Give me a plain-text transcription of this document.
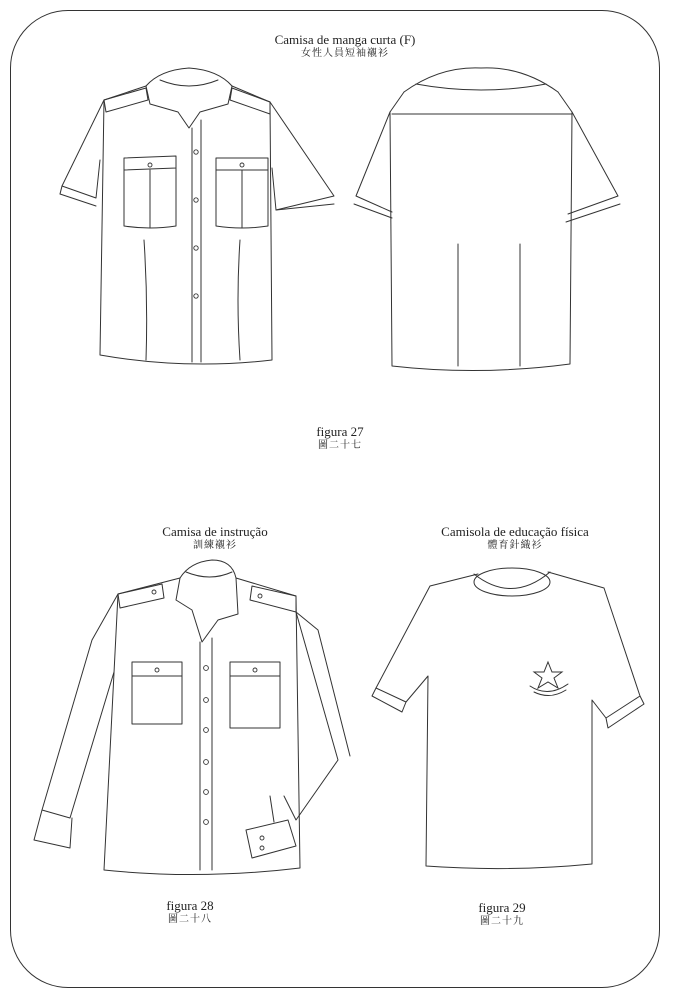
Camisa de manga curta (F)
女性人員短袖襯衫
figura 27
圖二十七
Camisa de instrução
訓練襯衫
figura 28
圖二十八
Camisola de educação física
體育針織衫
figura 29
圖二十九
